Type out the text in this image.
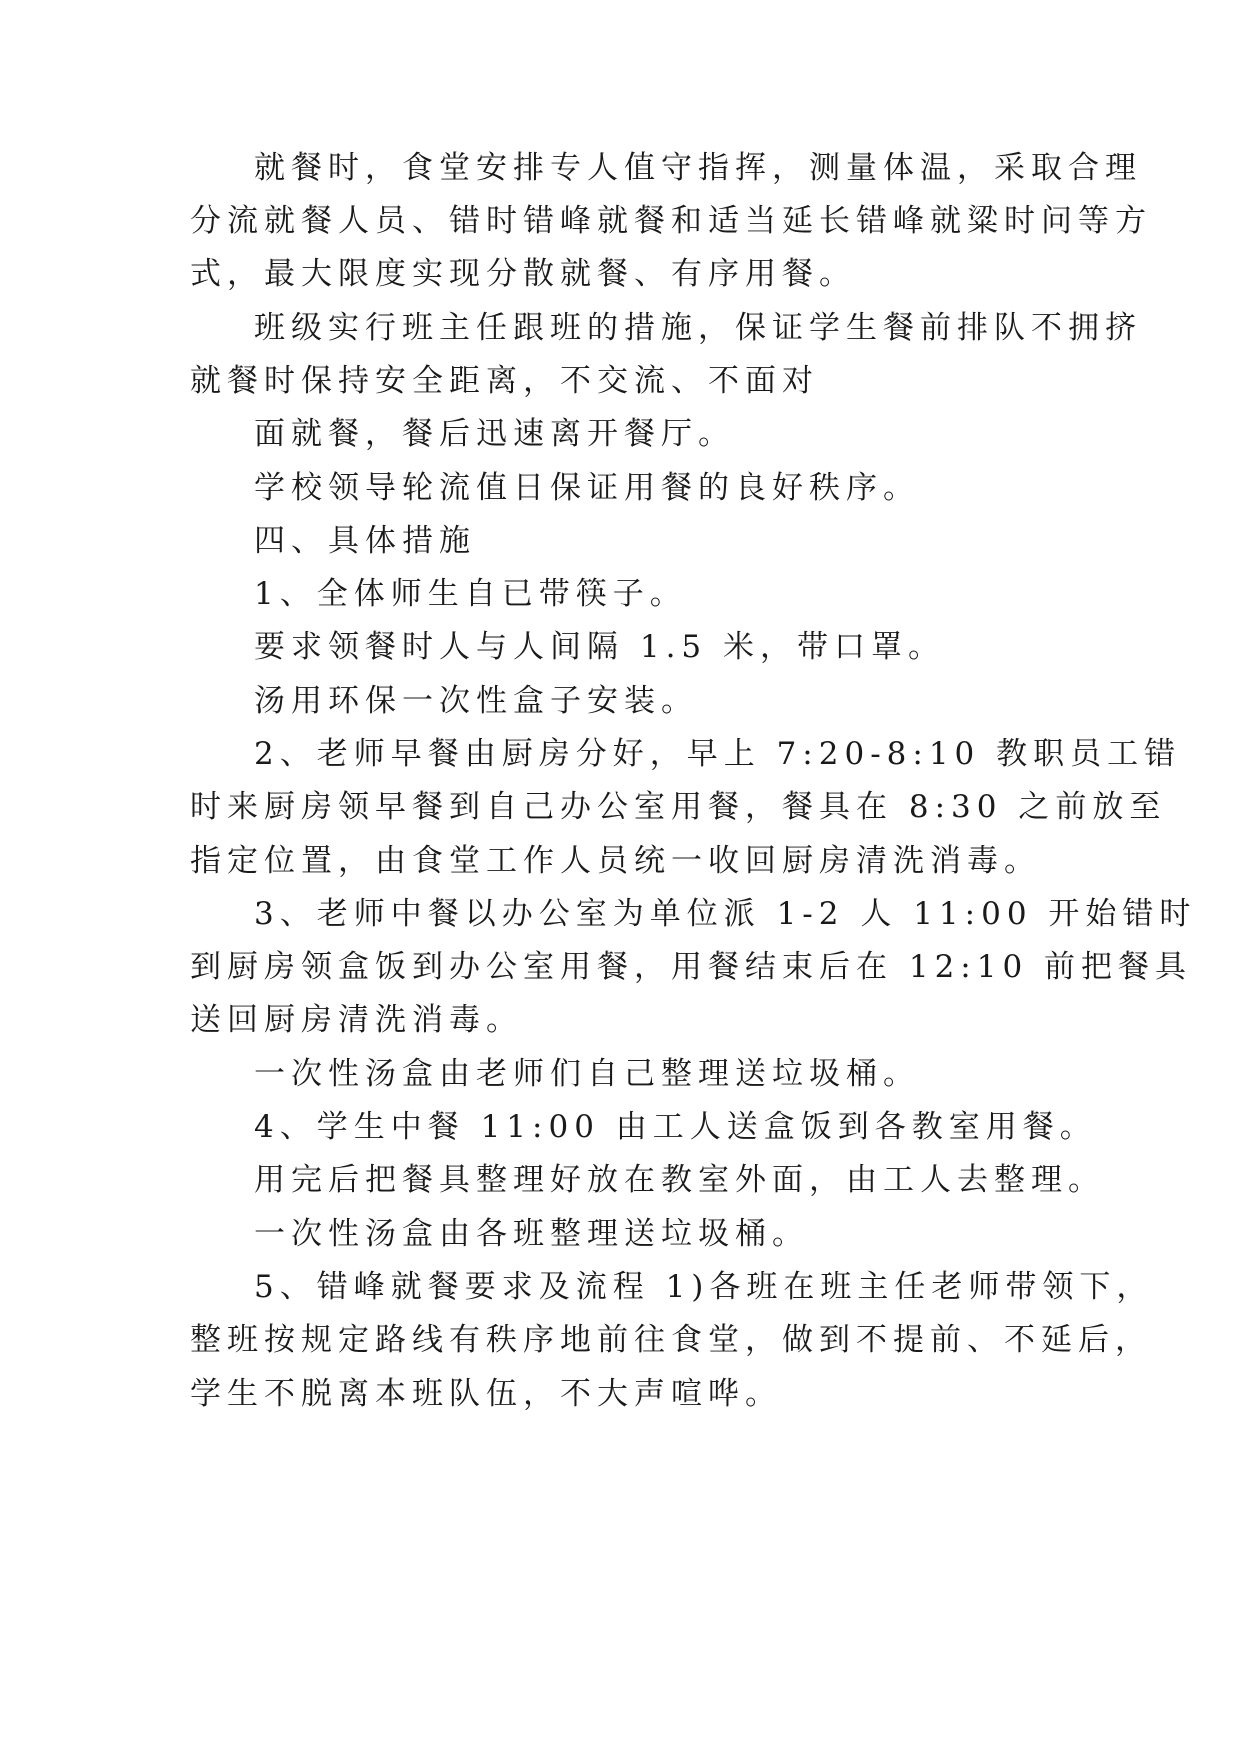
就餐时，食堂安排专人值守指挥，测量体温，采取合理

分流就餐人员、错时错峰就餐和适当延长错峰就粱时问等方

式，最大限度实现分散就餐、有序用餐。

班级实行班主任跟班的措施，保证学生餐前排队不拥挤

就餐时保持安全距离，不交流、不面对

面就餐，餐后迅速离开餐厅。

学校领导轮流值日保证用餐的良好秩序。

四、具体措施

1、全体师生自已带筷子。

要求领餐时人与人间隔 1.5 米，带口罩。

汤用环保一次性盒子安装。

2、老师早餐由厨房分好，早上 7:20-8:10 教职员工错

时来厨房领早餐到自己办公室用餐，餐具在 8:30 之前放至

指定位置，由食堂工作人员统一收回厨房清洗消毒。

3、老师中餐以办公室为单位派 1-2 人 11:00 开始错时

到厨房领盒饭到办公室用餐，用餐结束后在 12:10 前把餐具

送回厨房清洗消毒。

一次性汤盒由老师们自己整理送垃圾桶。

4、学生中餐 11:00 由工人送盒饭到各教室用餐。

用完后把餐具整理好放在教室外面，由工人去整理。

一次性汤盒由各班整理送垃圾桶。

5、错峰就餐要求及流程 1)各班在班主任老师带领下，

整班按规定路线有秩序地前往食堂，做到不提前、不延后，

学生不脱离本班队伍，不大声喧哗。
